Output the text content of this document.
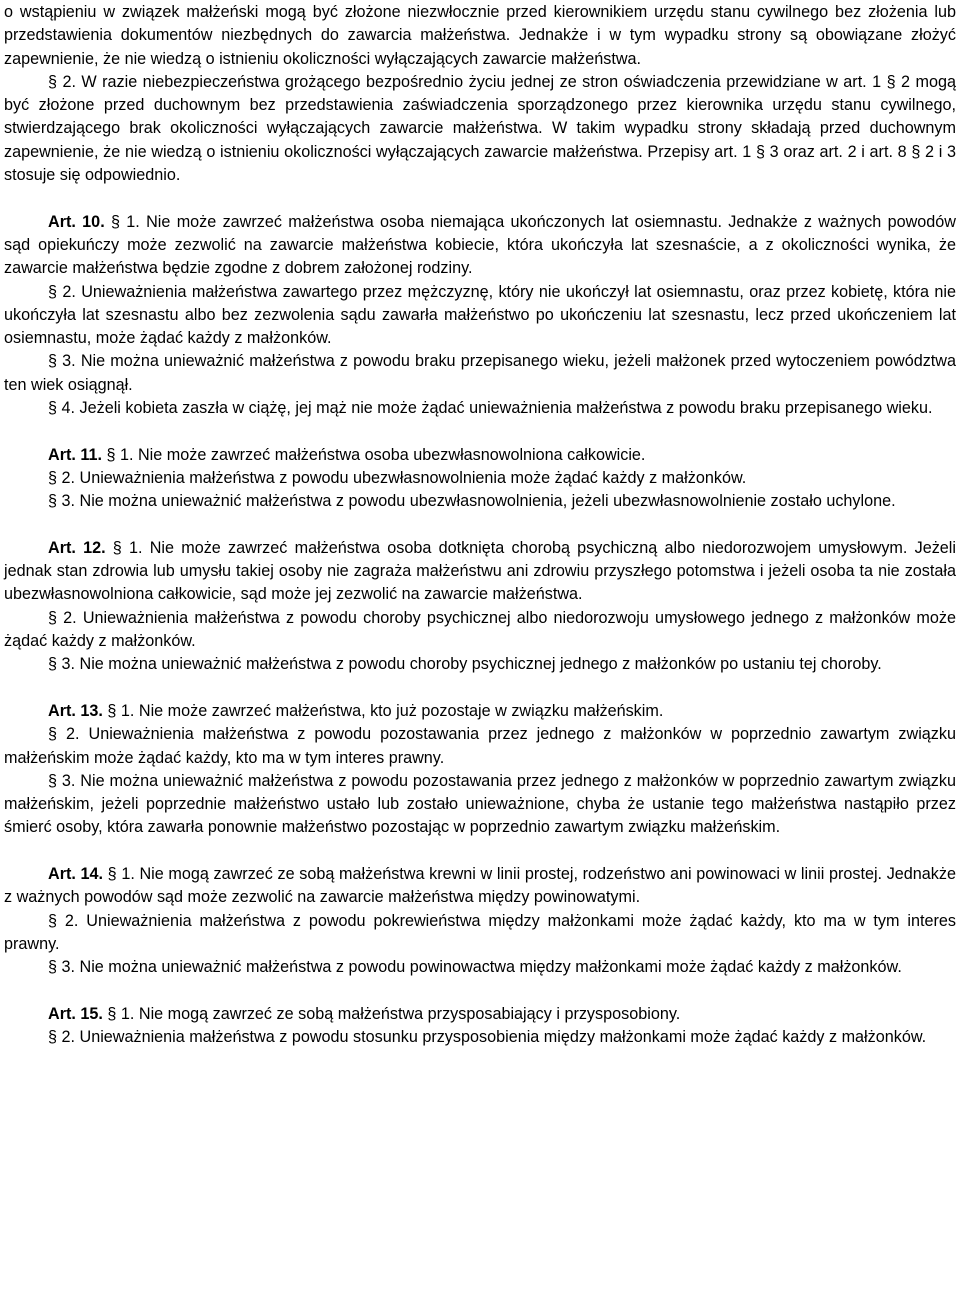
o wstąpieniu w związek małżeński mogą być złożone niezwłocznie przed kierownikiem urzędu stanu cywilnego bez złożenia lub przedstawienia dokumentów niezbędnych do zawarcia małżeństwa. Jednakże i w tym wypadku strony są obowiązane złożyć zapewnienie, że nie wiedzą o istnieniu okoliczności wyłączających zawarcie małżeństwa.

§ 2. W razie niebezpieczeństwa grożącego bezpośrednio życiu jednej ze stron oświadczenia przewidziane w art. 1 § 2 mogą być złożone przed duchownym bez przedstawienia zaświadczenia sporządzonego przez kierownika urzędu stanu cywilnego, stwierdzającego brak okoliczności wyłączających zawarcie małżeństwa. W takim wypadku strony składają przed duchownym zapewnienie, że nie wiedzą o istnieniu okoliczności wyłączających zawarcie małżeństwa. Przepisy art. 1 § 3 oraz art. 2 i art. 8 § 2 i 3 stosuje się odpowiednio.

Art. 10. § 1. Nie może zawrzeć małżeństwa osoba niemająca ukończonych lat osiemnastu. Jednakże z ważnych powodów sąd opiekuńczy może zezwolić na zawarcie małżeństwa kobiecie, która ukończyła lat szesnaście, a z okoliczności wynika, że zawarcie małżeństwa będzie zgodne z dobrem założonej rodziny.

§ 2. Unieważnienia małżeństwa zawartego przez mężczyznę, który nie ukończył lat osiemnastu, oraz przez kobietę, która nie ukończyła lat szesnastu albo bez zezwolenia sądu zawarła małżeństwo po ukończeniu lat szesnastu, lecz przed ukończeniem lat osiemnastu, może żądać każdy z małżonków.

§ 3. Nie można unieważnić małżeństwa z powodu braku przepisanego wieku, jeżeli małżonek przed wytoczeniem powództwa ten wiek osiągnął.

§ 4. Jeżeli kobieta zaszła w ciążę, jej mąż nie może żądać unieważnienia małżeństwa z powodu braku przepisanego wieku.

Art. 11. § 1. Nie może zawrzeć małżeństwa osoba ubezwłasnowolniona całkowicie.

§ 2. Unieważnienia małżeństwa z powodu ubezwłasnowolnienia może żądać każdy z małżonków.

§ 3. Nie można unieważnić małżeństwa z powodu ubezwłasnowolnienia, jeżeli ubezwłasnowolnienie zostało uchylone.

Art. 12. § 1. Nie może zawrzeć małżeństwa osoba dotknięta chorobą psychiczną albo niedorozwojem umysłowym. Jeżeli jednak stan zdrowia lub umysłu takiej osoby nie zagraża małżeństwu ani zdrowiu przyszłego potomstwa i jeżeli osoba ta nie została ubezwłasnowolniona całkowicie, sąd może jej zezwolić na zawarcie małżeństwa.

§ 2. Unieważnienia małżeństwa z powodu choroby psychicznej albo niedorozwoju umysłowego jednego z małżonków może żądać każdy z małżonków.

§ 3. Nie można unieważnić małżeństwa z powodu choroby psychicznej jednego z małżonków po ustaniu tej choroby.

Art. 13. § 1. Nie może zawrzeć małżeństwa, kto już pozostaje w związku małżeńskim.

§ 2. Unieważnienia małżeństwa z powodu pozostawania przez jednego z małżonków w poprzednio zawartym związku małżeńskim może żądać każdy, kto ma w tym interes prawny.

§ 3. Nie można unieważnić małżeństwa z powodu pozostawania przez jednego z małżonków w poprzednio zawartym związku małżeńskim, jeżeli poprzednie małżeństwo ustało lub zostało unieważnione, chyba że ustanie tego małżeństwa nastąpiło przez śmierć osoby, która zawarła ponownie małżeństwo pozostając w poprzednio zawartym związku małżeńskim.

Art. 14. § 1. Nie mogą zawrzeć ze sobą małżeństwa krewni w linii prostej, rodzeństwo ani powinowaci w linii prostej. Jednakże z ważnych powodów sąd może zezwolić na zawarcie małżeństwa między powinowatymi.

§ 2. Unieważnienia małżeństwa z powodu pokrewieństwa między małżonkami może żądać każdy, kto ma w tym interes prawny.

§ 3. Nie można unieważnić małżeństwa z powodu powinowactwa między małżonkami może żądać każdy z małżonków.

Art. 15. § 1. Nie mogą zawrzeć ze sobą małżeństwa przysposabiający i przysposobiony.

§ 2. Unieważnienia małżeństwa z powodu stosunku przysposobienia między małżonkami może żądać każdy z małżonków.
